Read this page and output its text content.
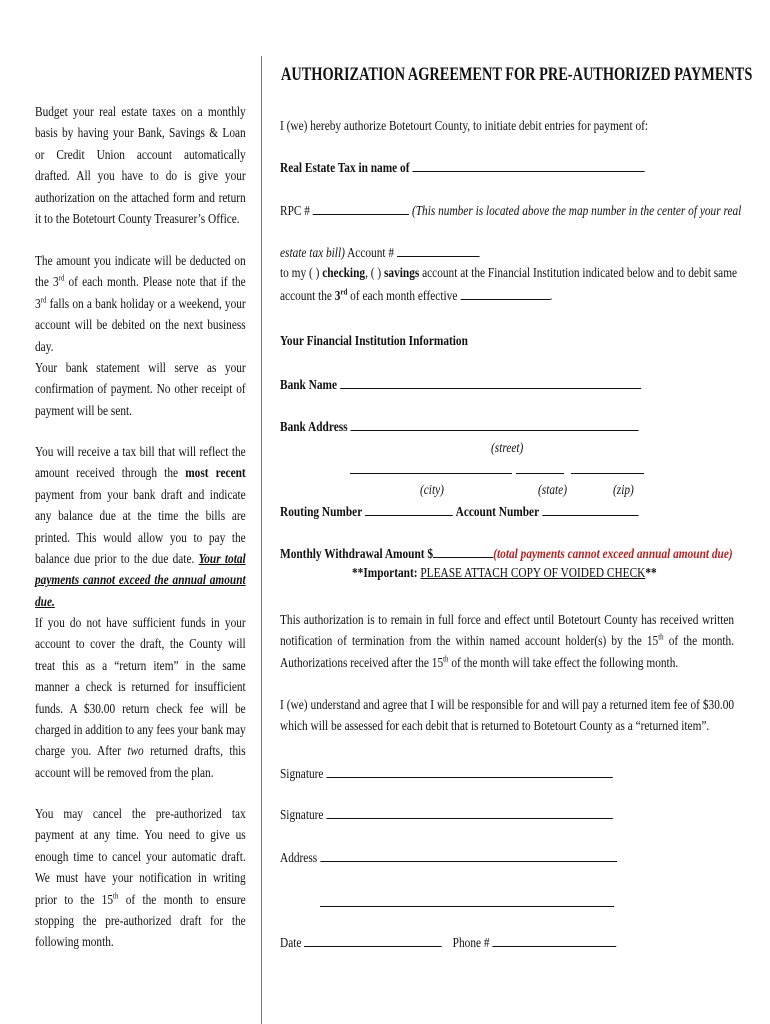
AUTHORIZATION AGREEMENT FOR PRE-AUTHORIZED PAYMENTS

Budget your real estate taxes on a monthly basis by having your Bank, Savings & Loan or Credit Union account automatically drafted. All you have to do is give your authorization on the attached form and return it to the Botetourt County Treasurer’s Office.

The amount you indicate will be deducted on the 3rd of each month. Please note that if the 3rd falls on a bank holiday or a weekend, your account will be debited on the next business day.

Your bank statement will serve as your confirmation of payment. No other receipt of payment will be sent.

You will receive a tax bill that will reflect the amount received through the most recent payment from your bank draft and indicate any balance due at the time the bills are printed. This would allow you to pay the balance due prior to the due date. Your total payments cannot exceed the annual amount due.

If you do not have sufficient funds in your account to cover the draft, the County will treat this as a “return item” in the same manner a check is returned for insufficient funds. A $30.00 return check fee will be charged in addition to any fees your bank may charge you. After two returned drafts, this account will be removed from the plan.

You may cancel the pre-authorized tax payment at any time. You need to give us enough time to cancel your automatic draft. We must have your notification in writing prior to the 15th of the month to ensure stopping the pre-authorized draft for the following month.

I (we) hereby authorize Botetourt County, to initiate debit entries for payment of:
Real Estate Tax in name of
RPC #	(This number is located above the map number in the center of your real
estate tax bill) Account #
to my ( ) checking, ( ) savings account at the Financial Institution indicated below and to debit same
account the 3rd of each month effective	.
Your Financial Institution Information
Bank Name
Bank Address
(street)
(city)	(state)	(zip)
Routing Number	Account Number
Monthly Withdrawal Amount $	(total payments cannot exceed annual amount due)
**Important: PLEASE ATTACH COPY OF VOIDED CHECK**
This authorization is to remain in full force and effect until Botetourt County has received written notification of termination from the within named account holder(s) by the 15th of the month. Authorizations received after the 15th of the month will take effect the following month.
I (we) understand and agree that I will be responsible for and will pay a returned item fee of $30.00 which will be assessed for each debit that is returned to Botetourt County as a “returned item”.
Signature
Signature
Address
Date	Phone #
